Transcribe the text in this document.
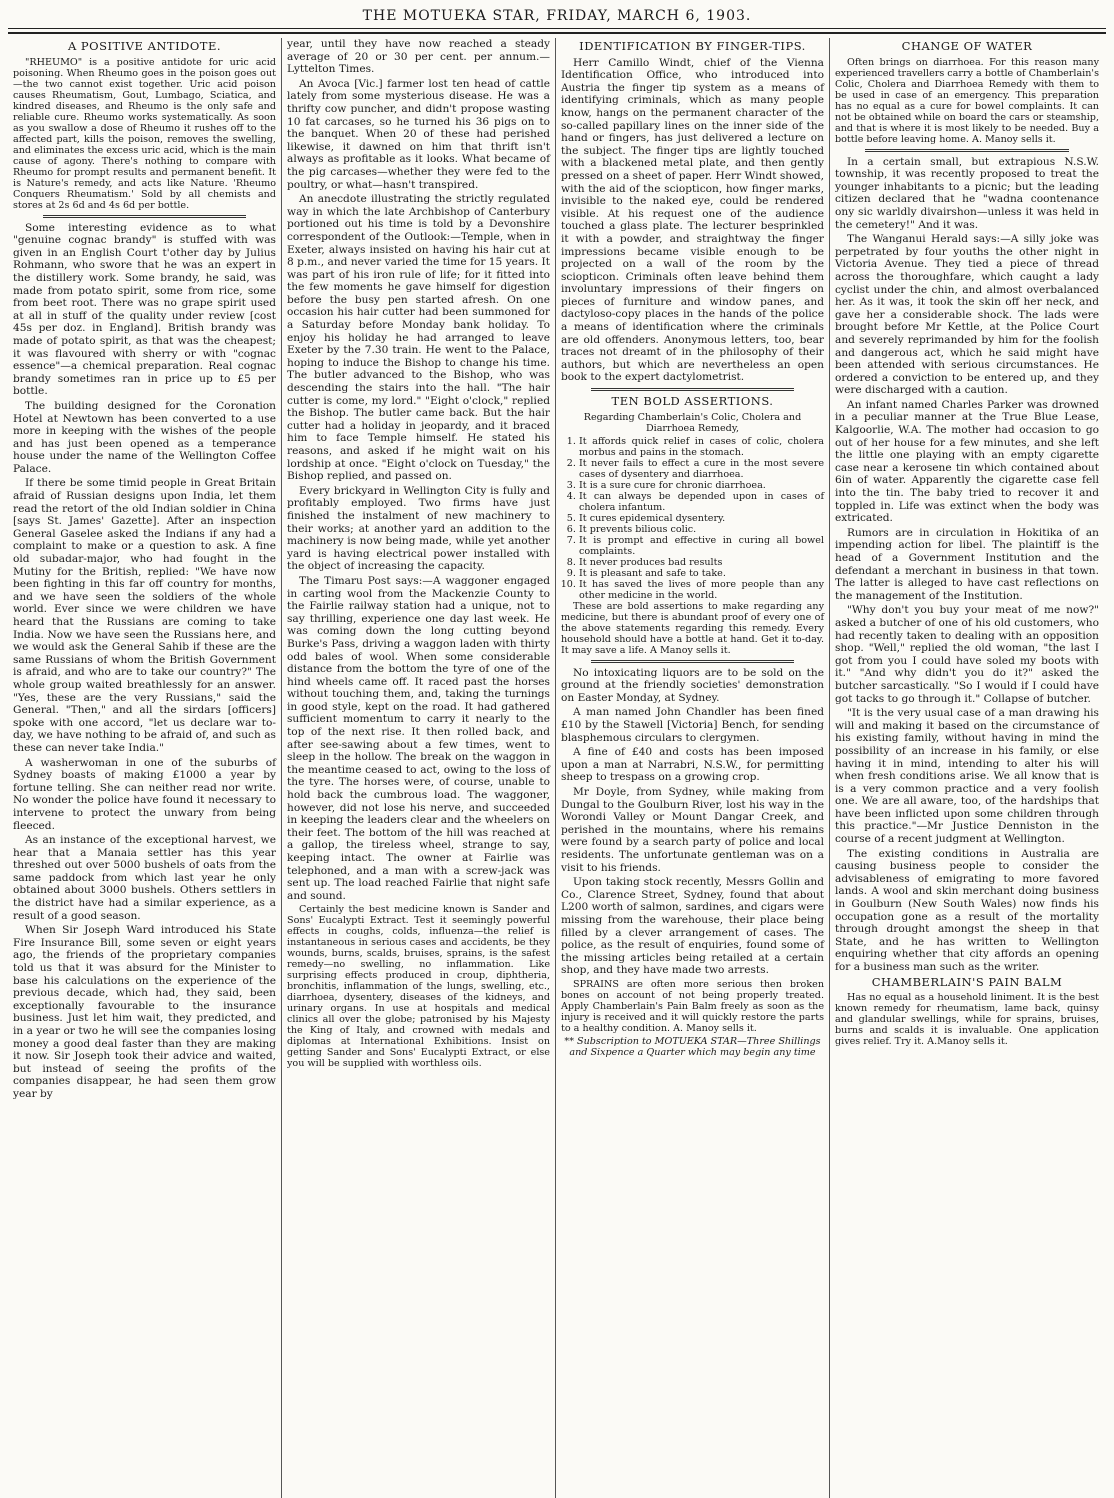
THE MOTUEKA STAR, FRIDAY, MARCH 6, 1903.
A POSITIVE ANTIDOTE.

"RHEUMO" is a positive antidote for uric acid poisoning. When Rheumo goes in the poison goes out—the two cannot exist together. Uric acid poison causes Rheumatism, Gout, Lumbago, Sciatica, and kindred diseases, and Rheumo is the only safe and reliable cure. Rheumo works systematically. As soon as you swallow a dose of Rheumo it rushes off to the affected part, kills the poison, removes the swelling, and eliminates the excess uric acid, which is the main cause of agony. There's nothing to compare with Rheumo for prompt results and permanent benefit. It is Nature's remedy, and acts like Nature. 'Rheumo Conquers Rheumatism.' Sold by all chemists and stores at 2s 6d and 4s 6d per bottle.

Some interesting evidence as to what "genuine cognac brandy" is stuffed with was given in an English Court t'other day by Julius Rohmann, who swore that he was an expert in the distillery work. Some brandy, he said, was made from potato spirit, some from rice, some from beet root. There was no grape spirit used at all in stuff of the quality under review [cost 45s per doz. in England]. British brandy was made of potato spirit, as that was the cheapest; it was flavoured with sherry or with "cognac essence"—a chemical preparation. Real cognac brandy sometimes ran in price up to £5 per bottle.

The building designed for the Coronation Hotel at Newtown has been converted to a use more in keeping with the wishes of the people and has just been opened as a temperance house under the name of the Wellington Coffee Palace.

If there be some timid people in Great Britain afraid of Russian designs upon India, let them read the retort of the old Indian soldier in China [says St. James' Gazette]. After an inspection General Gaselee asked the Indians if any had a complaint to make or a question to ask. A fine old subadar-major, who had fought in the Mutiny for the British, replied: "We have now been fighting in this far off country for months, and we have seen the soldiers of the whole world. Ever since we were children we have heard that the Russians are coming to take India. Now we have seen the Russians here, and we would ask the General Sahib if these are the same Russians of whom the British Government is afraid, and who are to take our country?" The whole group waited breathlessly for an answer. "Yes, these are the very Russians," said the General. "Then," and all the sirdars [officers] spoke with one accord, "let us declare war to-day, we have nothing to be afraid of, and such as these can never take India."

A washerwoman in one of the suburbs of Sydney boasts of making £1000 a year by fortune telling. She can neither read nor write. No wonder the police have found it necessary to intervene to protect the unwary from being fleeced.

As an instance of the exceptional harvest, we hear that a Manaia settler has this year threshed out over 5000 bushels of oats from the same paddock from which last year he only obtained about 3000 bushels. Others settlers in the district have had a similar experience, as a result of a good season.

When Sir Joseph Ward introduced his State Fire Insurance Bill, some seven or eight years ago, the friends of the proprietary companies told us that it was absurd for the Minister to base his calculations on the experience of the previous decade, which had, they said, been exceptionally favourable to the insurance business. Just let him wait, they predicted, and in a year or two he will see the companies losing money a good deal faster than they are making it now. Sir Joseph took their advice and waited, but instead of seeing the profits of the companies disappear, he had seen them grow year by

year, until they have now reached a steady average of 20 or 30 per cent. per annum.—Lyttelton Times.

An Avoca [Vic.] farmer lost ten head of cattle lately from some mysterious disease. He was a thrifty cow puncher, and didn't propose wasting 10 fat carcases, so he turned his 36 pigs on to the banquet. When 20 of these had perished likewise, it dawned on him that thrift isn't always as profitable as it looks. What became of the pig carcases—whether they were fed to the poultry, or what—hasn't transpired.

An anecdote illustrating the strictly regulated way in which the late Archbishop of Canterbury portioned out his time is told by a Devonshire correspondent of the Outlook:—Temple, when in Exeter, always insisted on having his hair cut at 8 p.m., and never varied the time for 15 years. It was part of his iron rule of life; for it fitted into the few moments he gave himself for digestion before the busy pen started afresh. On one occasion his hair cutter had been summoned for a Saturday before Monday bank holiday. To enjoy his holiday he had arranged to leave Exeter by the 7.30 train. He went to the Palace, hoping to induce the Bishop to change his time. The butler advanced to the Bishop, who was descending the stairs into the hall. "The hair cutter is come, my lord." "Eight o'clock," replied the Bishop. The butler came back. But the hair cutter had a holiday in jeopardy, and it braced him to face Temple himself. He stated his reasons, and asked if he might wait on his lordship at once. "Eight o'clock on Tuesday," the Bishop replied, and passed on.

Every brickyard in Wellington City is fully and profitably employed. Two firms have just finished the instalment of new machinery to their works; at another yard an addition to the machinery is now being made, while yet another yard is having electrical power installed with the object of increasing the capacity.

The Timaru Post says:—A waggoner engaged in carting wool from the Mackenzie County to the Fairlie railway station had a unique, not to say thrilling, experience one day last week. He was coming down the long cutting beyond Burke's Pass, driving a waggon laden with thirty odd bales of wool. When some considerable distance from the bottom the tyre of one of the hind wheels came off. It raced past the horses without touching them, and, taking the turnings in good style, kept on the road. It had gathered sufficient momentum to carry it nearly to the top of the next rise. It then rolled back, and after see-sawing about a few times, went to sleep in the hollow. The break on the waggon in the meantime ceased to act, owing to the loss of the tyre. The horses were, of course, unable to hold back the cumbrous load. The waggoner, however, did not lose his nerve, and succeeded in keeping the leaders clear and the wheelers on their feet. The bottom of the hill was reached at a gallop, the tireless wheel, strange to say, keeping intact. The owner at Fairlie was telephoned, and a man with a screw-jack was sent up. The load reached Fairlie that night safe and sound.

Certainly the best medicine known is Sander and Sons' Eucalypti Extract. Test it seemingly powerful effects in coughs, colds, influenza—the relief is instantaneous in serious cases and accidents, be they wounds, burns, scalds, bruises, sprains, is the safest remedy—no swelling, no inflammation. Like surprising effects produced in croup, diphtheria, bronchitis, inflammation of the lungs, swelling, etc., diarrhoea, dysentery, diseases of the kidneys, and urinary organs. In use at hospitals and medical clinics all over the globe; patronised by his Majesty the King of Italy, and crowned with medals and diplomas at International Exhibitions. Insist on getting Sander and Sons' Eucalypti Extract, or else you will be supplied with worthless oils.

IDENTIFICATION BY FINGER-TIPS.

Herr Camillo Windt, chief of the Vienna Identification Office, who introduced into Austria the finger tip system as a means of identifying criminals, which as many people know, hangs on the permanent character of the so-called papillary lines on the inner side of the hand or fingers, has just delivered a lecture on the subject. The finger tips are lightly touched with a blackened metal plate, and then gently pressed on a sheet of paper. Herr Windt showed, with the aid of the sciopticon, how finger marks, invisible to the naked eye, could be rendered visible. At his request one of the audience touched a glass plate. The lecturer besprinkled it with a powder, and straightway the finger impressions became visible enough to be projected on a wall of the room by the sciopticon. Criminals often leave behind them involuntary impressions of their fingers on pieces of furniture and window panes, and dactyloso-copy places in the hands of the police a means of identification where the criminals are old offenders. Anonymous letters, too, bear traces not dreamt of in the philosophy of their authors, but which are nevertheless an open book to the expert dactylometrist.

TEN BOLD ASSERTIONS.

Regarding Chamberlain's Colic, Cholera and Diarrhoea Remedy,

1. It affords quick relief in cases of colic, cholera morbus and pains in the stomach.
2. It never fails to effect a cure in the most severe cases of dysentery and diarrhoea.
3. It is a sure cure for chronic diarrhoea.
4. It can always be depended upon in cases of cholera infantum.
5. It cures epidemical dysentery.
6. It prevents bilious colic.
7. It is prompt and effective in curing all bowel complaints.
8. It never produces bad results
9. It is pleasant and safe to take.
10. It has saved the lives of more people than any other medicine in the world.

These are bold assertions to make regarding any medicine, but there is abundant proof of every one of the above statements regarding this remedy. Every household should have a bottle at hand. Get it to-day. It may save a life. A Manoy sells it.

No intoxicating liquors are to be sold on the ground at the friendly societies' demonstration on Easter Monday, at Sydney.

A man named John Chandler has been fined £10 by the Stawell [Victoria] Bench, for sending blasphemous circulars to clergymen.

A fine of £40 and costs has been imposed upon a man at Narrabri, N.S.W., for permitting sheep to trespass on a growing crop.

Mr Doyle, from Sydney, while making from Dungal to the Goulburn River, lost his way in the Worondi Valley or Mount Dangar Creek, and perished in the mountains, where his remains were found by a search party of police and local residents. The unfortunate gentleman was on a visit to his friends.

Upon taking stock recently, Messrs Gollin and Co., Clarence Street, Sydney, found that about L200 worth of salmon, sardines, and cigars were missing from the warehouse, their place being filled by a clever arrangement of cases. The police, as the result of enquiries, found some of the missing articles being retailed at a certain shop, and they have made two arrests.

SPRAINS are often more serious then broken bones on account of not being properly treated. Apply Chamberlain's Pain Balm freely as soon as the injury is received and it will quickly restore the parts to a healthy condition. A. Manoy sells it.

** Subscription to MOTUEKA STAR—Three Shillings and Sixpence a Quarter which may begin any time

CHANGE OF WATER

Often brings on diarrhoea. For this reason many experienced travellers carry a bottle of Chamberlain's Colic, Cholera and Diarrhoea Remedy with them to be used in case of an emergency. This preparation has no equal as a cure for bowel complaints. It can not be obtained while on board the cars or steamship, and that is where it is most likely to be needed. Buy a bottle before leaving home. A. Manoy sells it.

In a certain small, but extrapious N.S.W. township, it was recently proposed to treat the younger inhabitants to a picnic; but the leading citizen declared that he "wadna coontenance ony sic warldly divairshon—unless it was held in the cemetery!" And it was.

The Wanganui Herald says:—A silly joke was perpetrated by four youths the other night in Victoria Avenue. They tied a piece of thread across the thoroughfare, which caught a lady cyclist under the chin, and almost overbalanced her. As it was, it took the skin off her neck, and gave her a considerable shock. The lads were brought before Mr Kettle, at the Police Court and severely reprimanded by him for the foolish and dangerous act, which he said might have been attended with serious circumstances. He ordered a conviction to be entered up, and they were discharged with a caution.

An infant named Charles Parker was drowned in a peculiar manner at the True Blue Lease, Kalgoorlie, W.A. The mother had occasion to go out of her house for a few minutes, and she left the little one playing with an empty cigarette case near a kerosene tin which contained about 6in of water. Apparently the cigarette case fell into the tin. The baby tried to recover it and toppled in. Life was extinct when the body was extricated.

Rumors are in circulation in Hokitika of an impending action for libel. The plaintiff is the head of a Government Institution and the defendant a merchant in business in that town. The latter is alleged to have cast reflections on the management of the Institution.

"Why don't you buy your meat of me now?" asked a butcher of one of his old customers, who had recently taken to dealing with an opposition shop. "Well," replied the old woman, "the last I got from you I could have soled my boots with it." "And why didn't you do it?" asked the butcher sarcastically. "So I would if I could have got tacks to go through it." Collapse of butcher.

"It is the very usual case of a man drawing his will and making it based on the circumstance of his existing family, without having in mind the possibility of an increase in his family, or else having it in mind, intending to alter his will when fresh conditions arise. We all know that is is a very common practice and a very foolish one. We are all aware, too, of the hardships that have been inflicted upon some children through this practice."—Mr Justice Denniston in the course of a recent judgment at Wellington.

The existing conditions in Australia are causing business people to consider the advisableness of emigrating to more favored lands. A wool and skin merchant doing business in Goulburn (New South Wales) now finds his occupation gone as a result of the mortality through drought amongst the sheep in that State, and he has written to Wellington enquiring whether that city affords an opening for a business man such as the writer.

CHAMBERLAIN'S PAIN BALM

Has no equal as a household liniment. It is the best known remedy for rheumatism, lame back, quinsy and glandular swellings, while for sprains, bruises, burns and scalds it is invaluable. One application gives relief. Try it. A.Manoy sells it.
